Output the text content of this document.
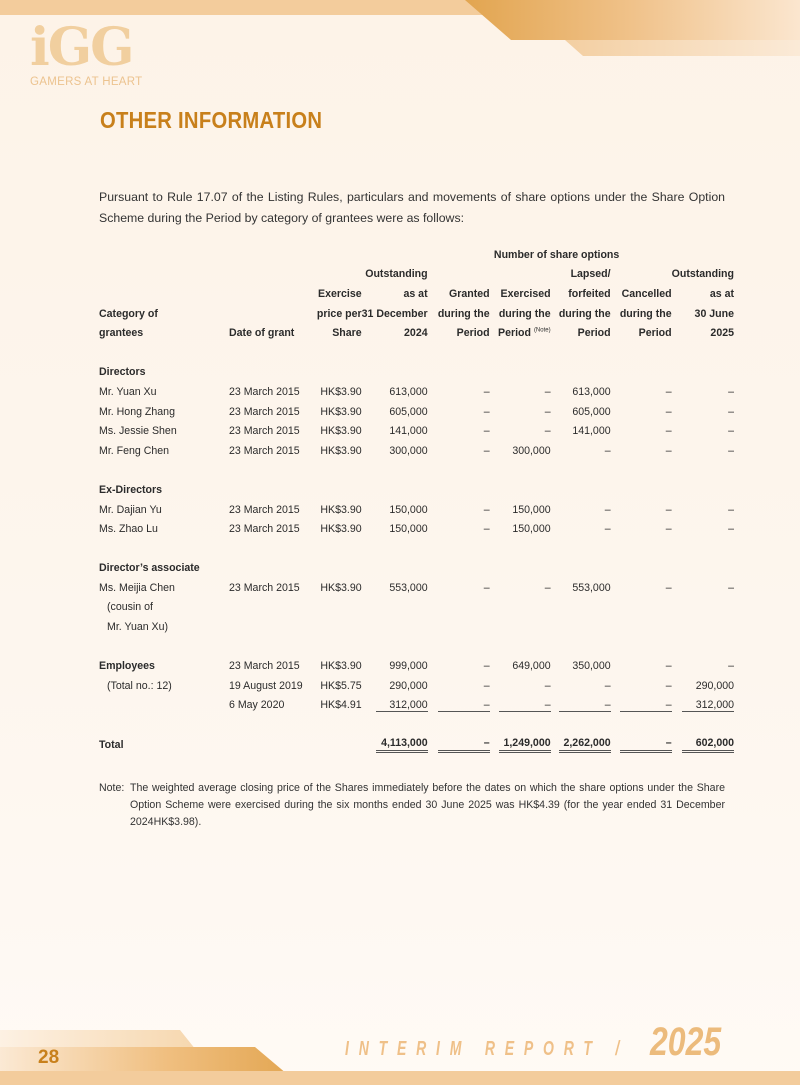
iGG
GAMERS AT HEART
OTHER INFORMATION
Pursuant to Rule 17.07 of the Listing Rules, particulars and movements of share options under the Share Option Scheme during the Period by category of grantees were as follows:
				Number of share options				
			Outstanding			Lapsed/		Outstanding
		Exercise	as at	Granted	Exercised	forfeited	Cancelled	as at
Category of		price per	31 December	during the	during the	during the	during the	30 June
grantees	Date of grant	Share	2024	Period	Period $^{(Note)}$	Period	Period	2025

Directors								
Mr. Yuan Xu	23 March 2015	HK$3.90	613,000	–	–	613,000	–	–
Mr. Hong Zhang	23 March 2015	HK$3.90	605,000	–	–	605,000	–	–
Ms. Jessie Shen	23 March 2015	HK$3.90	141,000	–	–	141,000	–	–
Mr. Feng Chen	23 March 2015	HK$3.90	300,000	–	300,000	–	–	–

Ex-Directors								
Mr. Dajian Yu	23 March 2015	HK$3.90	150,000	–	150,000	–	–	–
Ms. Zhao Lu	23 March 2015	HK$3.90	150,000	–	150,000	–	–	–

Director’s associate								
Ms. Meijia Chen	23 March 2015	HK$3.90	553,000	–	–	553,000	–	–
(cousin of								
Mr. Yuan Xu)								

Employees	23 March 2015	HK$3.90	999,000	–	649,000	350,000	–	–
(Total no.: 12)	19 August 2019	HK$5.75	290,000	–	–	–	–	290,000
	6 May 2020	HK$4.91	312,000	–	–	–	–	312,000

Total			4,113,000	–	1,249,000	2,262,000	–	602,000
Note: The weighted average closing price of the Shares immediately before the dates on which the share options under the Share Option Scheme were exercised during the six months ended 30 June 2025 was HK$4.39 (for the year ended 31 December 2024HK$3.98).
28	INTERIM REPORT / 2025
